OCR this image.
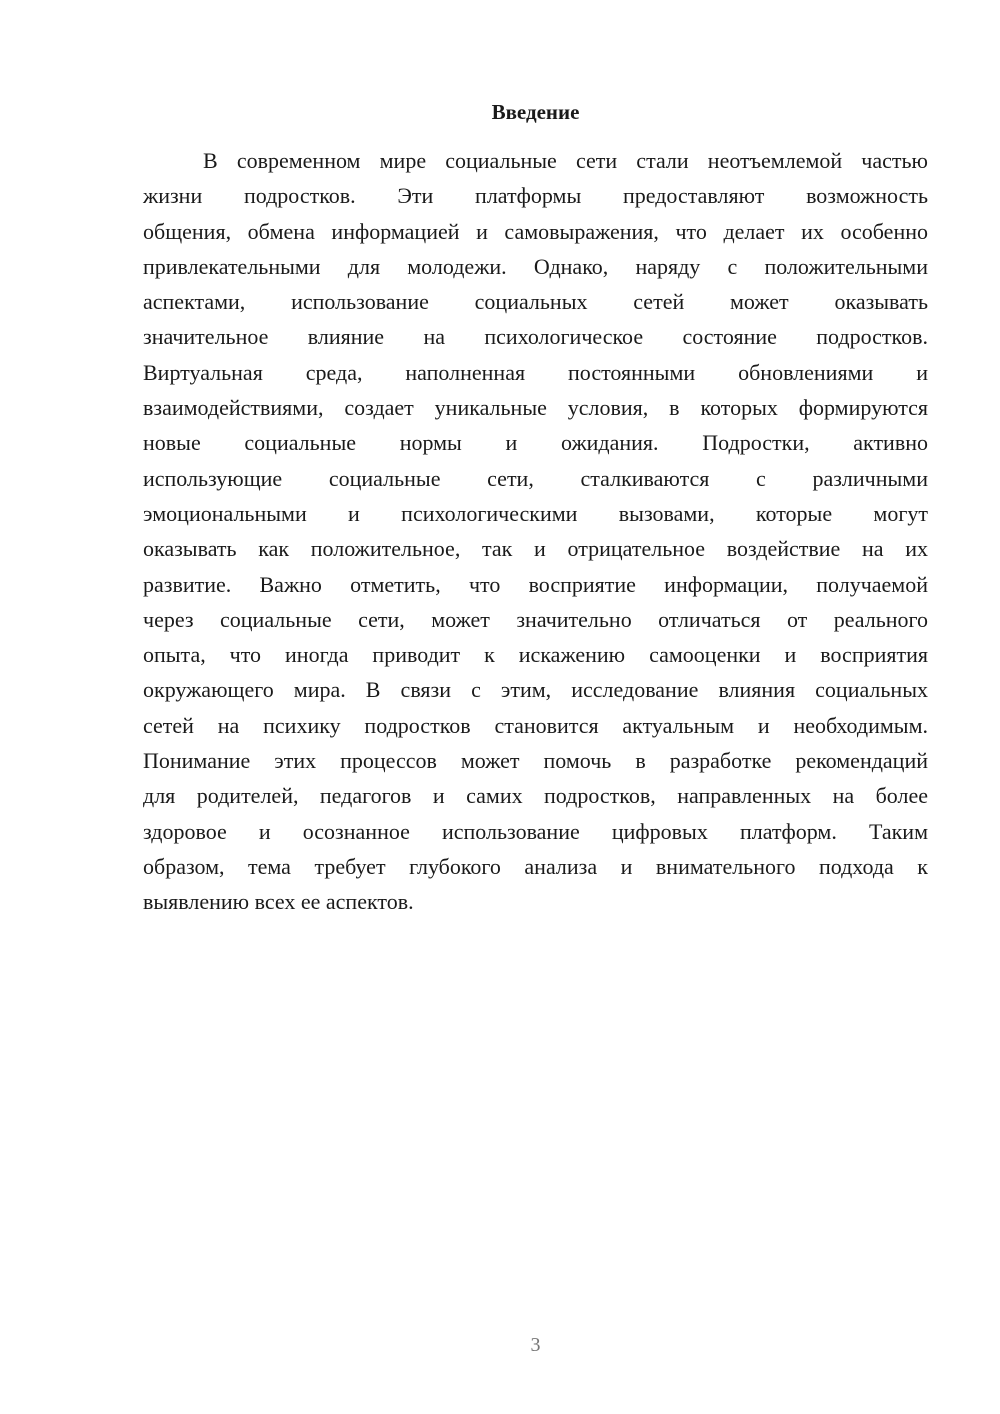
Введение
В современном мире социальные сети стали неотъемлемой частью
жизни подростков. Эти платформы предоставляют возможность
общения, обмена информацией и самовыражения, что делает их особенно
привлекательными для молодежи. Однако, наряду с положительными
аспектами, использование социальных сетей может оказывать
значительное влияние на психологическое состояние подростков.
Виртуальная среда, наполненная постоянными обновлениями и
взаимодействиями, создает уникальные условия, в которых формируются
новые социальные нормы и ожидания. Подростки, активно
использующие социальные сети, сталкиваются с различными
эмоциональными и психологическими вызовами, которые могут
оказывать как положительное, так и отрицательное воздействие на их
развитие. Важно отметить, что восприятие информации, получаемой
через социальные сети, может значительно отличаться от реального
опыта, что иногда приводит к искажению самооценки и восприятия
окружающего мира. В связи с этим, исследование влияния социальных
сетей на психику подростков становится актуальным и необходимым.
Понимание этих процессов может помочь в разработке рекомендаций
для родителей, педагогов и самих подростков, направленных на более
здоровое и осознанное использование цифровых платформ. Таким
образом, тема требует глубокого анализа и внимательного подхода к
выявлению всех ее аспектов.
3
